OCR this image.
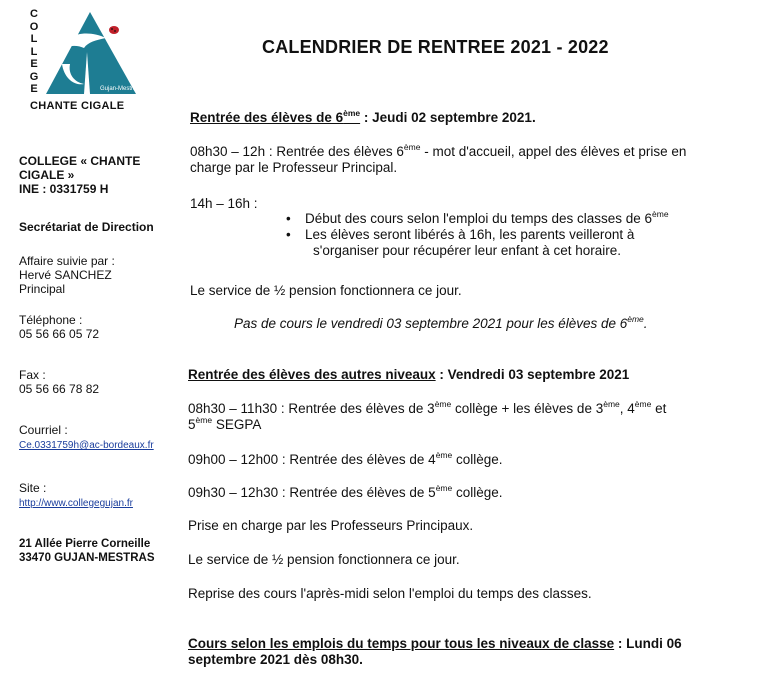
C
O
L
L
E
G
E	Gujan-Mestras
CHANTE CIGALE
COLLEGE « CHANTE
CIGALE »
INE : 0331759 H
Secrétariat de Direction
Affaire suivie par :
Hervé SANCHEZ
Principal
Téléphone :
05 56 66 05 72
Fax :
05 56 66 78 82
Courriel :
Ce.0331759h@ac-bordeaux.fr
Site :
http://www.collegegujan.fr
21 Allée Pierre Corneille
33470 GUJAN-MESTRAS
CALENDRIER DE RENTREE 2021 - 2022
Rentrée des élèves de 6ème : Jeudi 02 septembre 2021.
08h30 – 12h : Rentrée des élèves 6ème - mot d'accueil, appel des élèves et prise en
charge par le Professeur Principal.
14h – 16h :
• Début des cours selon l'emploi du temps des classes de 6ème
• Les élèves seront libérés à 16h, les parents veilleront à
s'organiser pour récupérer leur enfant à cet horaire.
Le service de ½ pension fonctionnera ce jour.
Pas de cours le vendredi 03 septembre 2021 pour les élèves de 6ème.
Rentrée des élèves des autres niveaux : Vendredi 03 septembre 2021
08h30 – 11h30 : Rentrée des élèves de 3ème collège + les élèves de 3ème, 4ème et
5ème SEGPA
09h00 – 12h00 : Rentrée des élèves de 4ème collège.
09h30 – 12h30 : Rentrée des élèves de 5ème collège.
Prise en charge par les Professeurs Principaux.
Le service de ½ pension fonctionnera ce jour.
Reprise des cours l'après-midi selon l'emploi du temps des classes.
Cours selon les emplois du temps pour tous les niveaux de classe : Lundi 06
septembre 2021 dès 08h30.
